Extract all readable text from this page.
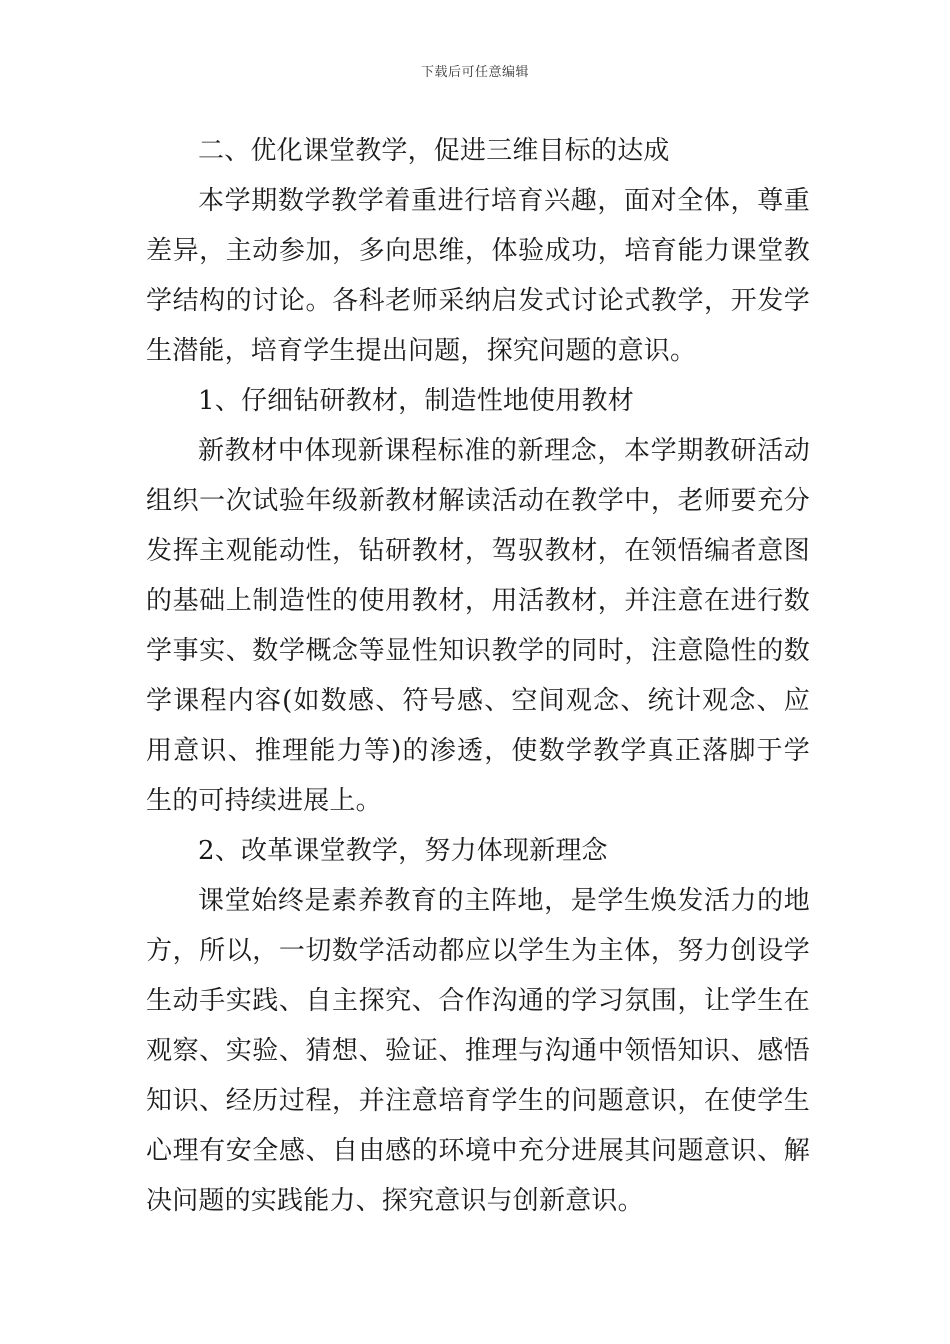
下载后可任意编辑

二、优化课堂教学，促进三维目标的达成

本学期数学教学着重进行培育兴趣，面对全体，尊重差异，主动参加，多向思维，体验成功，培育能力课堂教学结构的讨论。各科老师采纳启发式讨论式教学，开发学生潜能，培育学生提出问题，探究问题的意识。

1、仔细钻研教材，制造性地使用教材

新教材中体现新课程标准的新理念，本学期教研活动组织一次试验年级新教材解读活动在教学中，老师要充分发挥主观能动性，钻研教材，驾驭教材，在领悟编者意图的基础上制造性的使用教材，用活教材，并注意在进行数学事实、数学概念等显性知识教学的同时，注意隐性的数学课程内容(如数感、符号感、空间观念、统计观念、应用意识、推理能力等)的渗透，使数学教学真正落脚于学生的可持续进展上。

2、改革课堂教学，努力体现新理念

课堂始终是素养教育的主阵地，是学生焕发活力的地方，所以，一切数学活动都应以学生为主体，努力创设学生动手实践、自主探究、合作沟通的学习氛围，让学生在观察、实验、猜想、验证、推理与沟通中领悟知识、感悟知识、经历过程，并注意培育学生的问题意识，在使学生心理有安全感、自由感的环境中充分进展其问题意识、解决问题的实践能力、探究意识与创新意识。
